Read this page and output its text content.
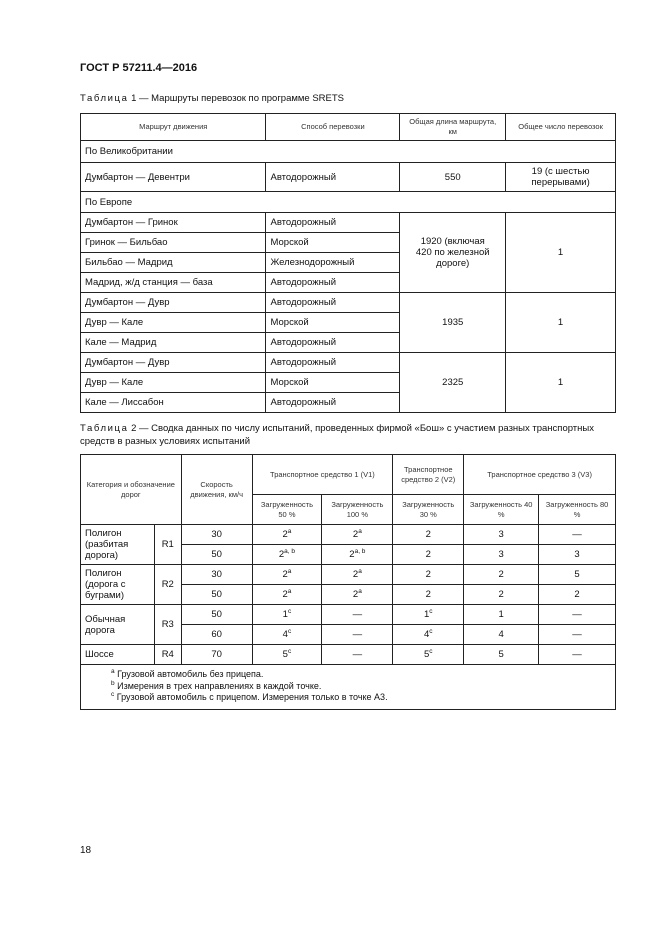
ГОСТ Р 57211.4—2016
Таблица 1 — Маршруты перевозок по программе SRETS
Маршрут движения	Способ перевозки	Общая длина маршрута, км	Общее число перевозок
По Великобритании			
Думбартон — Девентри	Автодорожный	550	19 (с шестью перерывами)
По Европе			
Думбартон — Гринок	Автодорожный	1920 (включая 420 по железной дороге)	1
Гринок — Бильбао	Морской		
Бильбао — Мадрид	Железнодорожный		
Мадрид, ж/д станция — база	Автодорожный		
Думбартон — Дувр	Автодорожный	1935	1
Дувр — Кале	Морской		
Кале — Мадрид	Автодорожный		
Думбартон — Дувр	Автодорожный	2325	1
Дувр — Кале	Морской		
Кале — Лиссабон	Автодорожный		
Таблица 2 — Сводка данных по числу испытаний, проведенных фирмой «Бош» с участием разных транспортных средств в разных условиях испытаний
Категория и обозначение дорог		Скорость движения, км/ч	Транспортное средство 1 (V1)		Транспортное средство 2 (V2)	Транспортное средство 3 (V3)	
			Загруженность 50 %	Загруженность 100 %	Загруженность 30 %	Загруженность 40 %	Загруженность 80 %
Полигон (разбитая дорога)	R1	30	2$^a$	2$^a$	2	3	—
		50	2$^{a, b}$	2$^{a, b}$	2	3	3
Полигон (дорога с буграми)	R2	30	2$^a$	2$^a$	2	2	5
		50	2$^a$	2$^a$	2	2	2
Обычная дорога	R3	50	1$^c$	—	1$^c$	1	—
		60	4$^c$	—	4$^c$	4	—
Шоссе	R4	70	5$^c$	—	5$^c$	5	—

$^a$ Грузовой автомобиль без прицепа.
$^b$ Измерения в трех направлениях в каждой точке.
$^c$ Грузовой автомобиль с прицепом. Измерения только в точке А3.							
18
